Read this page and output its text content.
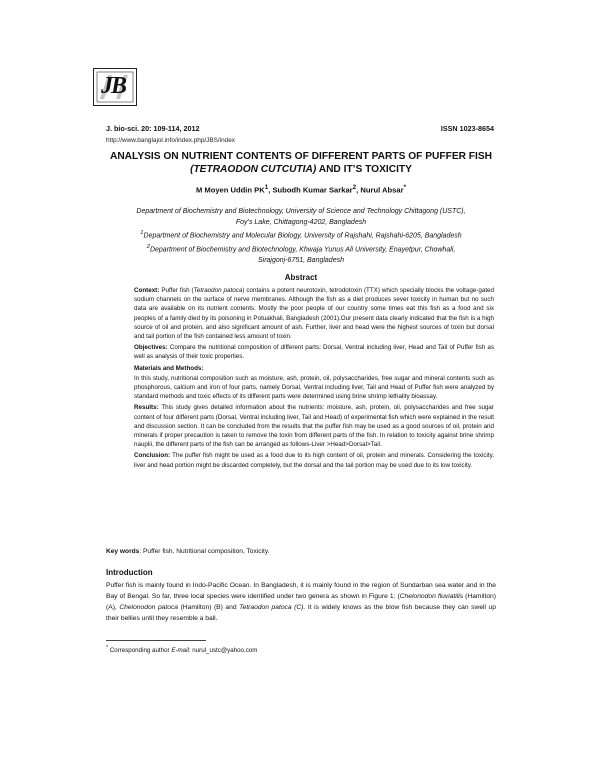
JB
J. bio-sci. 20: 109-114, 2012	ISSN 1023-8654
http://www.banglajol.info/index.php/JBS/index
ANALYSIS ON NUTRIENT CONTENTS OF DIFFERENT PARTS OF PUFFER FISH
(TETRAODON CUTCUTIA) AND IT’S TOXICITY
M Moyen Uddin $PK^1$, Subodh Kumar Sarkar$^2$, Nurul Absar*
Department of Biochemistry and Biotechnology, University of Science and Technology Chittagong (USTC),
Foy’s Lake, Chittagong-4202, Bangladesh
$^1$Department of Biochemistry and Molecular Biology, University of Rajshahi, Rajshahi-6205, Bangladesh
$^2$Department of Biochemistry and Biotechnology, Khwaja Yunus Ali University, Enayetpur, Chowhali,
Sirajgonj-6751, Bangladesh
Abstract

Context: Puffer fish (Tetraodon patoca) contains a potent neurotoxin, tetrodotoxin (TTX) which specially blocks the voltage-gated sodium channels on the surface of nerve membranes. Although the fish as a diet produces sever toxicity in human but no such data are available on its nutrient contents. Mostly the poor people of our country some times eat this fish as a food and six peoples of a family died by its poisoning in Potuakhali, Bangladesh (2001).Our present data clearly indicated that the fish is a high source of oil and protein, and also significant amount of ash. Further, liver and head were the highest sources of toxin but dorsal and tail portion of the fish contained less amount of toxin.

Objectives: Compare the nutritional composition of different parts: Dorsal, Ventral including liver, Head and Tail of Puffer fish as well as analysis of their toxic properties.

Materials and Methods:

In this study, nutritional composition such as moisture, ash, protein, oil, polysaccharides, free sugar and mineral contents such as phosphorous, calcium and iron of four parts, namely Dorsal, Ventral including liver, Tail and Head of Puffer fish were analyzed by standard methods and toxic effects of its different parts were determined using brine shrimp lethality bioassay.

Results: This study gives detailed information about the nutrients: moisture, ash, protein, oil, polysaccharides and free sugar content of four different parts (Dorsal, Ventral including liver, Tail and Head) of experimental fish which were explained in the result and discussion section. It can be concluded from the results that the puffer fish may be used as a good sources of oil, protein and minerals if proper precaution is taken to remove the toxin from different parts of the fish. In relation to toxicity against brine shrimp nauplii, the different parts of the fish can be arranged as follows-Liver >Head>Dorsal>Tail.

Conclusion: The puffer fish might be used as a food due to its high content of oil, protein and minerals. Considering the toxicity, liver and head portion might be discarded completely, but the dorsal and the tail portion may be used due to its low toxicity.

Key words: Puffer fish, Nutritional composition, Toxicity.
Introduction

Puffer fish is mainly found in Indo-Pacific Ocean. In Bangladesh, it is mainly found in the region of Sundarban sea water and in the Bay of Bengal. So far, three local species were identified under two genera as shown in Figure 1: (Chelonodon fluviatilis (Hamilton) (A), Chelonodon patoca (Hamilton) (B) and Tetraodon patoca (C). It is widely knows as the blow fish because they can swell up their bellies until they resemble a ball.

* Corresponding author E-mail: nurul_ustc@yahoo.com
